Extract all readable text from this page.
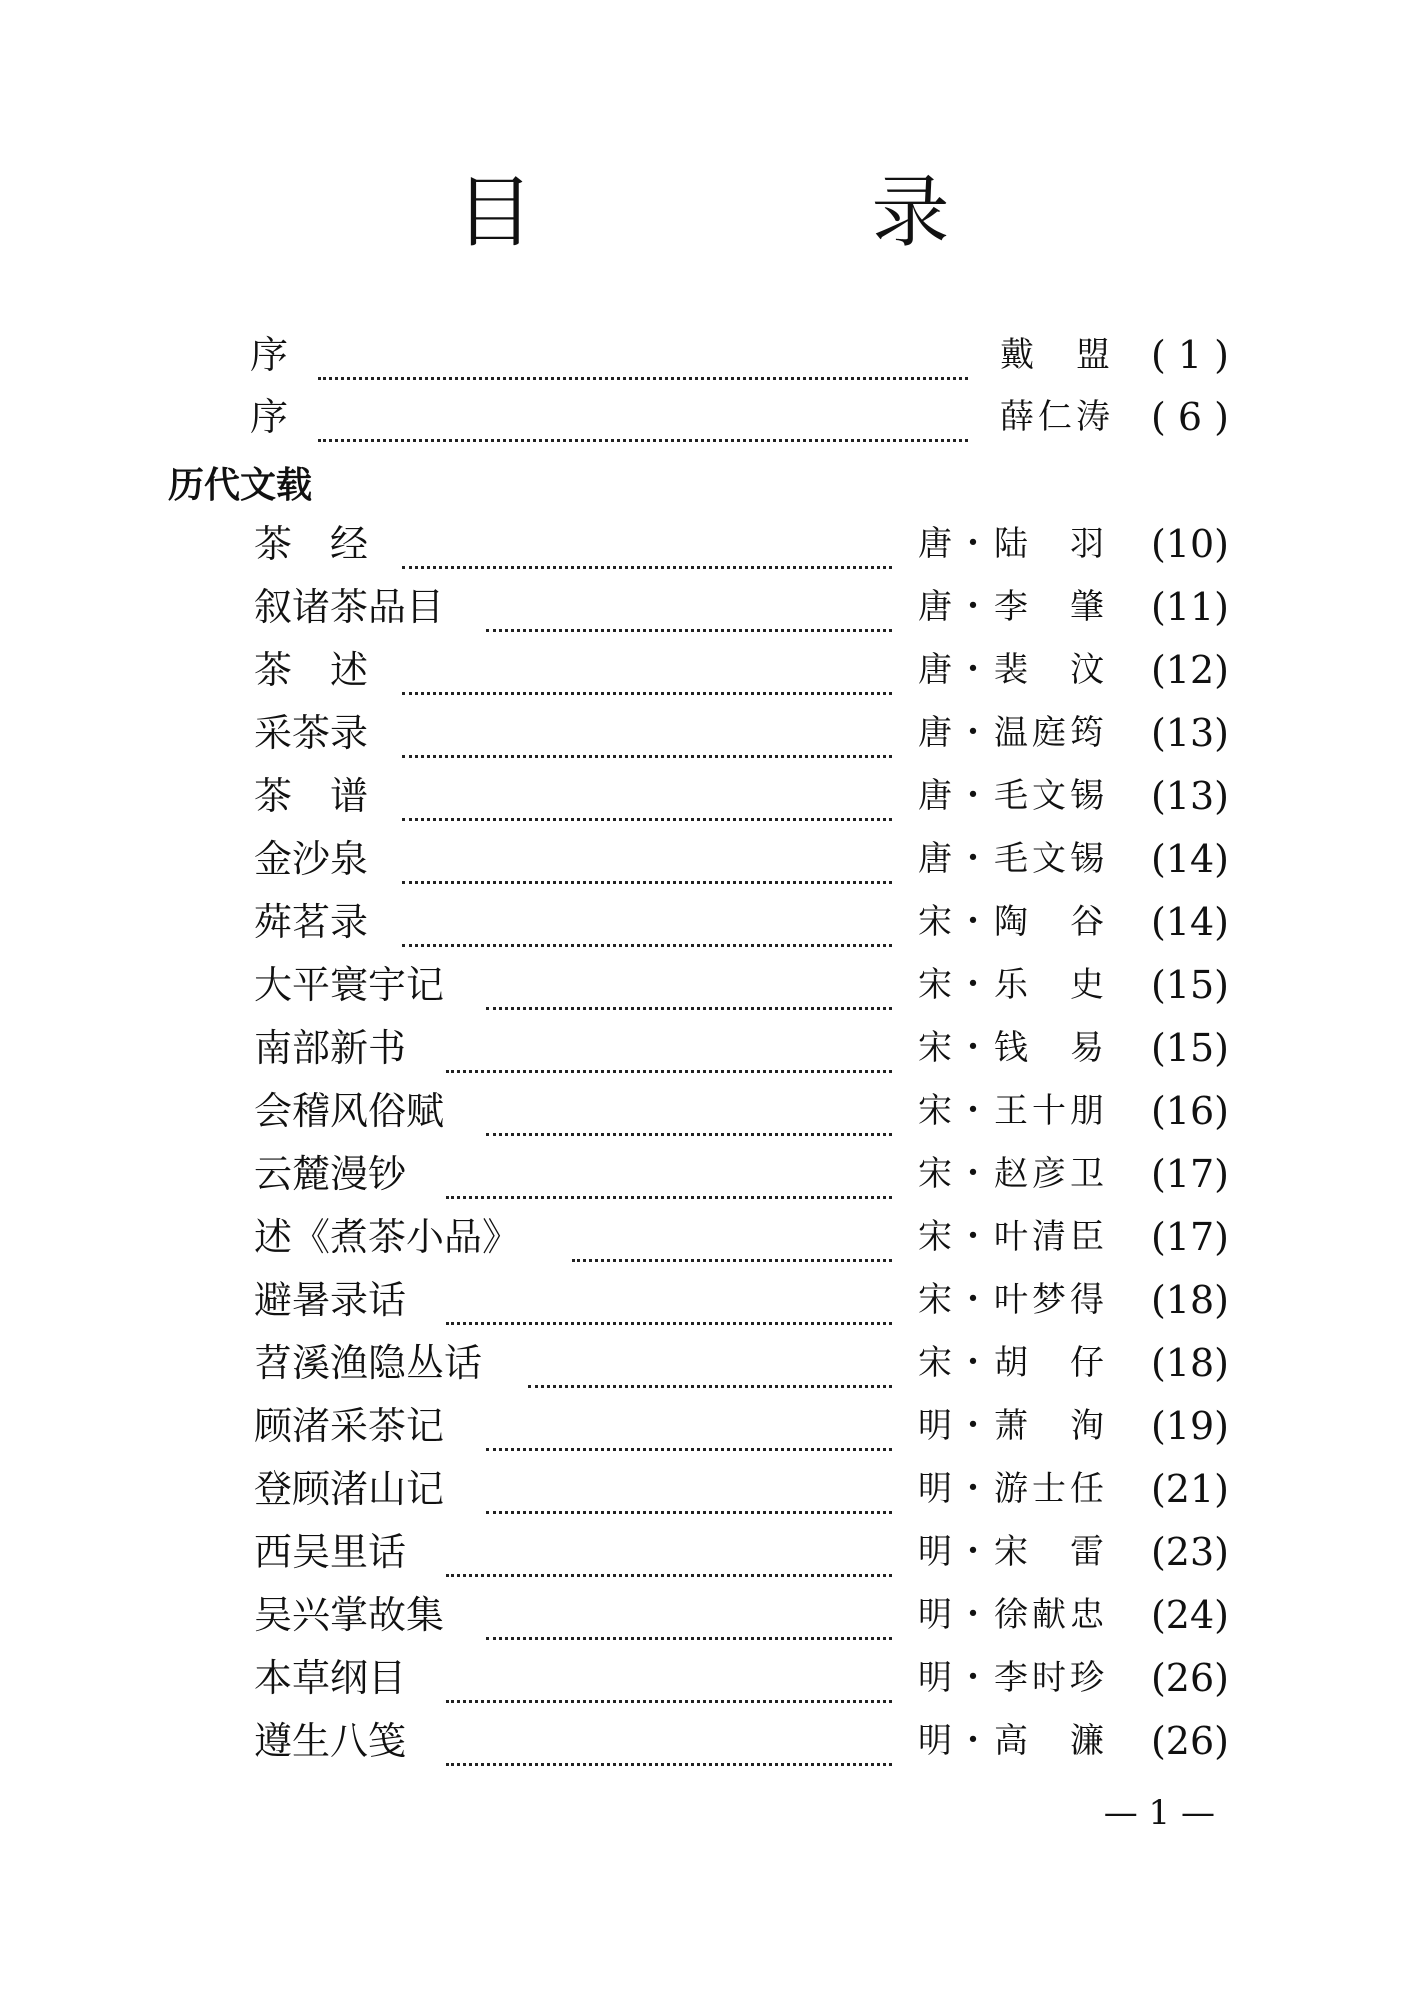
目　录
序	戴　盟 ( 1 )
序	薛仁涛 ( 6 )
历代文载
茶　经	唐・陆　羽 (10)
叙诸茶品目	唐・李　肇 (11)
茶　述	唐・裴　汶 (12)
采茶录	唐・温庭筠 (13)
茶　谱	唐・毛文锡 (13)
金沙泉	唐・毛文锡 (14)
荈茗录	宋・陶　谷 (14)
大平寰宇记	宋・乐　史 (15)
南部新书	宋・钱　易 (15)
会稽风俗赋	宋・王十朋 (16)
云麓漫钞	宋・赵彦卫 (17)
述《煮茶小品》	宋・叶清臣 (17)
避暑录话	宋・叶梦得 (18)
苕溪渔隐丛话	宋・胡　仔 (18)
顾渚采茶记	明・萧　洵 (19)
登顾渚山记	明・游士任 (21)
西吴里话	明・宋　雷 (23)
吴兴掌故集	明・徐献忠 (24)
本草纲目	明・李时珍 (26)
遵生八笺	明・高　濂 (26)
— 1 —
